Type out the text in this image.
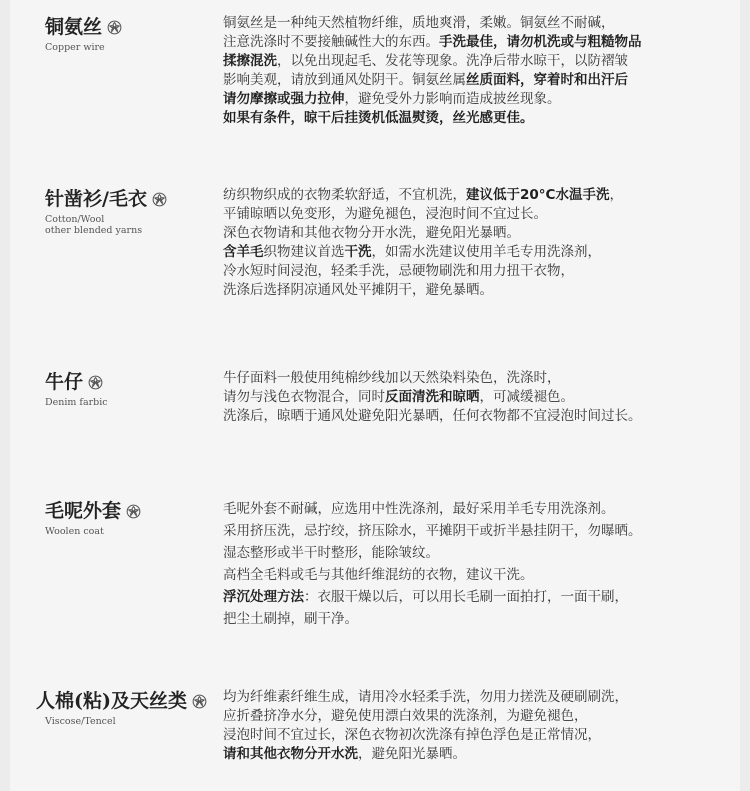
铜氨丝
Copper wire
铜氨丝是一种纯天然植物纤维，质地爽滑，柔嫩。铜氨丝不耐碱，
注意洗涤时不要接触碱性大的东西。手洗最佳，请勿机洗或与粗糙物品
揉擦混洗，以免出现起毛、发花等现象。洗净后带水晾干，以防褶皱
影响美观，请放到通风处阴干。铜氨丝属丝质面料，穿着时和出汗后
请勿摩擦或强力拉伸，避免受外力影响而造成披丝现象。
如果有条件，晾干后挂烫机低温熨烫，丝光感更佳。
针凿衫/毛衣
Cotton/Wool
other blended yarns
纺织物织成的衣物柔软舒适，不宜机洗，建议低于20°C水温手洗，
平铺晾晒以免变形，为避免褪色，浸泡时间不宜过长。
深色衣物请和其他衣物分开水洗，避免阳光暴晒。
含羊毛织物建议首选干洗，如需水洗建议使用羊毛专用洗涤剂，
冷水短时间浸泡，轻柔手洗，忌硬物刷洗和用力扭干衣物，
洗涤后选择阴凉通风处平摊阴干，避免暴晒。
牛仔
Denim farbic
牛仔面料一般使用纯棉纱线加以天然染料染色，洗涤时，
请勿与浅色衣物混合，同时反面清洗和晾晒，可减缓褪色。
洗涤后，晾晒于通风处避免阳光暴晒，任何衣物都不宜浸泡时间过长。
毛呢外套
Woolen coat
毛呢外套不耐碱，应选用中性洗涤剂，最好采用羊毛专用洗涤剂。
采用挤压洗，忌拧绞，挤压除水，平摊阴干或折半悬挂阴干，勿曝晒。
湿态整形或半干时整形，能除皱纹。
高档全毛料或毛与其他纤维混纺的衣物，建议干洗。
浮沉处理方法：衣服干燥以后，可以用长毛刷一面拍打，一面干刷，
把尘土刷掉，刷干净。
人棉(粘)及天丝类
Viscose/Tencel
均为纤维素纤维生成，请用冷水轻柔手洗，勿用力搓洗及硬刷刷洗，
应折叠挤净水分，避免使用漂白效果的洗涤剂，为避免褪色，
浸泡时间不宜过长，深色衣物初次洗涤有掉色浮色是正常情况，
请和其他衣物分开水洗，避免阳光暴晒。
